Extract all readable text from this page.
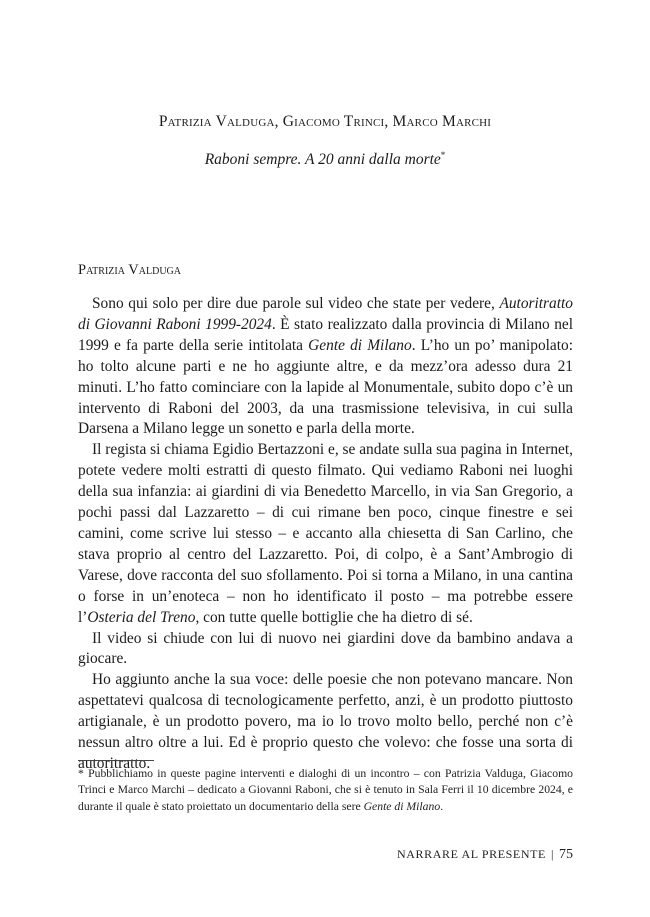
Patrizia Valduga, Giacomo Trinci, Marco Marchi
Raboni sempre. A 20 anni dalla morte*
Patrizia Valduga

Sono qui solo per dire due parole sul video che state per vedere, Autoritratto di Giovanni Raboni 1999-2024. È stato realizzato dalla provincia di Milano nel 1999 e fa parte della serie intitolata Gente di Milano. L’ho un po’ manipolato: ho tolto alcune parti e ne ho aggiunte altre, e da mezz’ora adesso dura 21 minuti. L’ho fatto cominciare con la lapide al Monumentale, subito dopo c’è un intervento di Raboni del 2003, da una trasmissione televisiva, in cui sulla Darsena a Milano legge un sonetto e parla della morte.

Il regista si chiama Egidio Bertazzoni e, se andate sulla sua pagina in Internet, potete vedere molti estratti di questo filmato. Qui vediamo Raboni nei luoghi della sua infanzia: ai giardini di via Benedetto Marcello, in via San Gregorio, a pochi passi dal Lazzaretto – di cui rimane ben poco, cinque finestre e sei camini, come scrive lui stesso – e accanto alla chiesetta di San Carlino, che stava proprio al centro del Lazzaretto. Poi, di colpo, è a Sant’Ambrogio di Varese, dove racconta del suo sfollamento. Poi si torna a Milano, in una cantina o forse in un’enoteca – non ho identificato il posto – ma potrebbe essere l’Osteria del Treno, con tutte quelle bottiglie che ha dietro di sé.

Il video si chiude con lui di nuovo nei giardini dove da bambino andava a giocare.

Ho aggiunto anche la sua voce: delle poesie che non potevano mancare. Non aspettatevi qualcosa di tecnologicamente perfetto, anzi, è un prodotto piuttosto artigianale, è un prodotto povero, ma io lo trovo molto bello, perché non c’è nessun altro oltre a lui. Ed è proprio questo che volevo: che fosse una sorta di autoritratto.

* Pubblichiamo in queste pagine interventi e dialoghi di un incontro – con Patrizia Valduga, Giacomo Trinci e Marco Marchi – dedicato a Giovanni Raboni, che si è tenuto in Sala Ferri il 10 dicembre 2024, e durante il quale è stato proiettato un documentario della sere Gente di Milano.
NARRARE AL PRESENTE | 75
